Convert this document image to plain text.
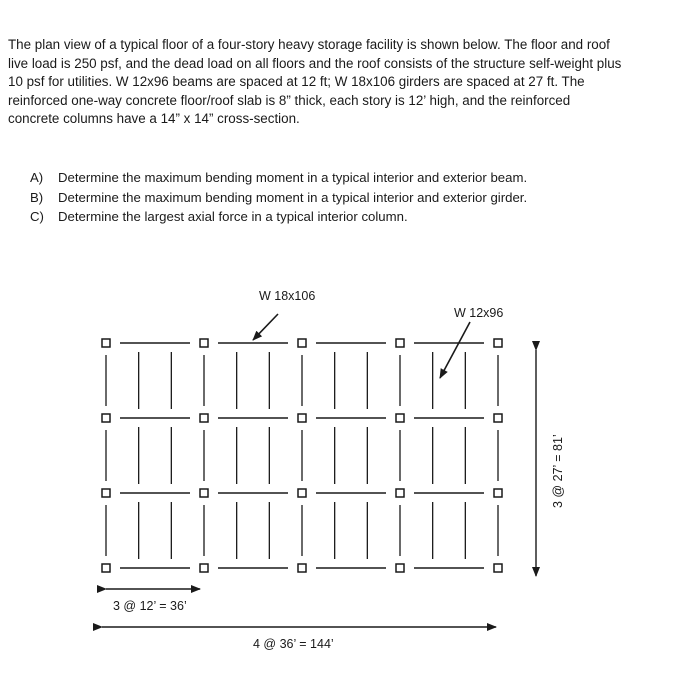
The plan view of a typical floor of a four-story heavy storage facility is shown below. The floor and roof
live load is 250 psf, and the dead load on all floors and the roof consists of the structure self-weight plus
10 psf for utilities. W 12x96 beams are spaced at 12 ft; W 18x106 girders are spaced at 27 ft. The
reinforced one-way concrete floor/roof slab is 8” thick, each story is 12’ high, and the reinforced
concrete columns have a 14” x 14” cross-section.
A) Determine the maximum bending moment in a typical interior and exterior beam.
B) Determine the maximum bending moment in a typical interior and exterior girder.
C) Determine the largest axial force in a typical interior column.
W 18x106
W 12x96
3 @ 12’ = 36’
4 @ 36’ = 144’
3 @ 27’ = 81’
